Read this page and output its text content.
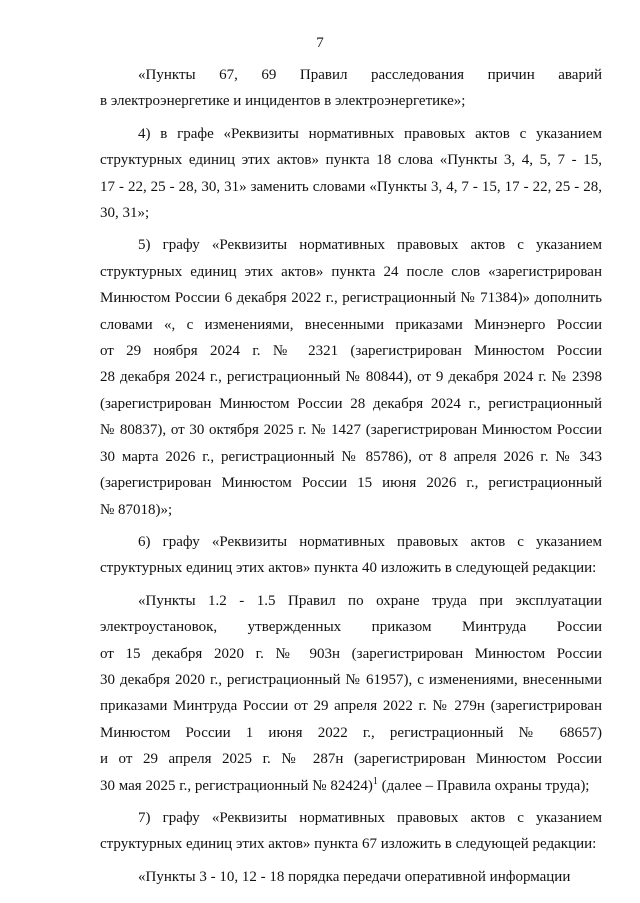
7

«Пункты 67, 69 Правил расследования причин аварий
в электроэнергетике и инцидентов в электроэнергетике»;

4) в графе «Реквизиты нормативных правовых актов с указанием
структурных единиц этих актов» пункта 18 слова «Пункты 3, 4, 5, 7 - 15,
17 - 22, 25 - 28, 30, 31» заменить словами «Пункты 3, 4, 7 - 15, 17 - 22, 25 - 28,
30, 31»;

5) графу «Реквизиты нормативных правовых актов с указанием
структурных единиц этих актов» пункта 24 после слов «зарегистрирован
Минюстом России 6 декабря 2022 г., регистрационный № 71384)» дополнить
словами «, с изменениями, внесенными приказами Минэнерго России
от 29 ноября 2024 г. № 2321 (зарегистрирован Минюстом России
28 декабря 2024 г., регистрационный № 80844), от 9 декабря 2024 г. № 2398
(зарегистрирован Минюстом России 28 декабря 2024 г., регистрационный
№ 80837), от 30 октября 2025 г. № 1427 (зарегистрирован Минюстом России
30 марта 2026 г., регистрационный № 85786), от 8 апреля 2026 г. № 343
(зарегистрирован Минюстом России 15 июня 2026 г., регистрационный
№ 87018)»;

6) графу «Реквизиты нормативных правовых актов с указанием
структурных единиц этих актов» пункта 40 изложить в следующей редакции:

«Пункты 1.2 - 1.5 Правил по охране труда при эксплуатации
электроустановок, утвержденных приказом Минтруда России
от 15 декабря 2020 г. № 903н (зарегистрирован Минюстом России
30 декабря 2020 г., регистрационный № 61957), с изменениями, внесенными
приказами Минтруда России от 29 апреля 2022 г. № 279н (зарегистрирован
Минюстом России 1 июня 2022 г., регистрационный № 68657)
и от 29 апреля 2025 г. № 287н (зарегистрирован Минюстом России
30 мая 2025 г., регистрационный № 82424)$^1$ (далее – Правила охраны труда);

7) графу «Реквизиты нормативных правовых актов с указанием
структурных единиц этих актов» пункта 67 изложить в следующей редакции:

«Пункты 3 - 10, 12 - 18 порядка передачи оперативной информации
